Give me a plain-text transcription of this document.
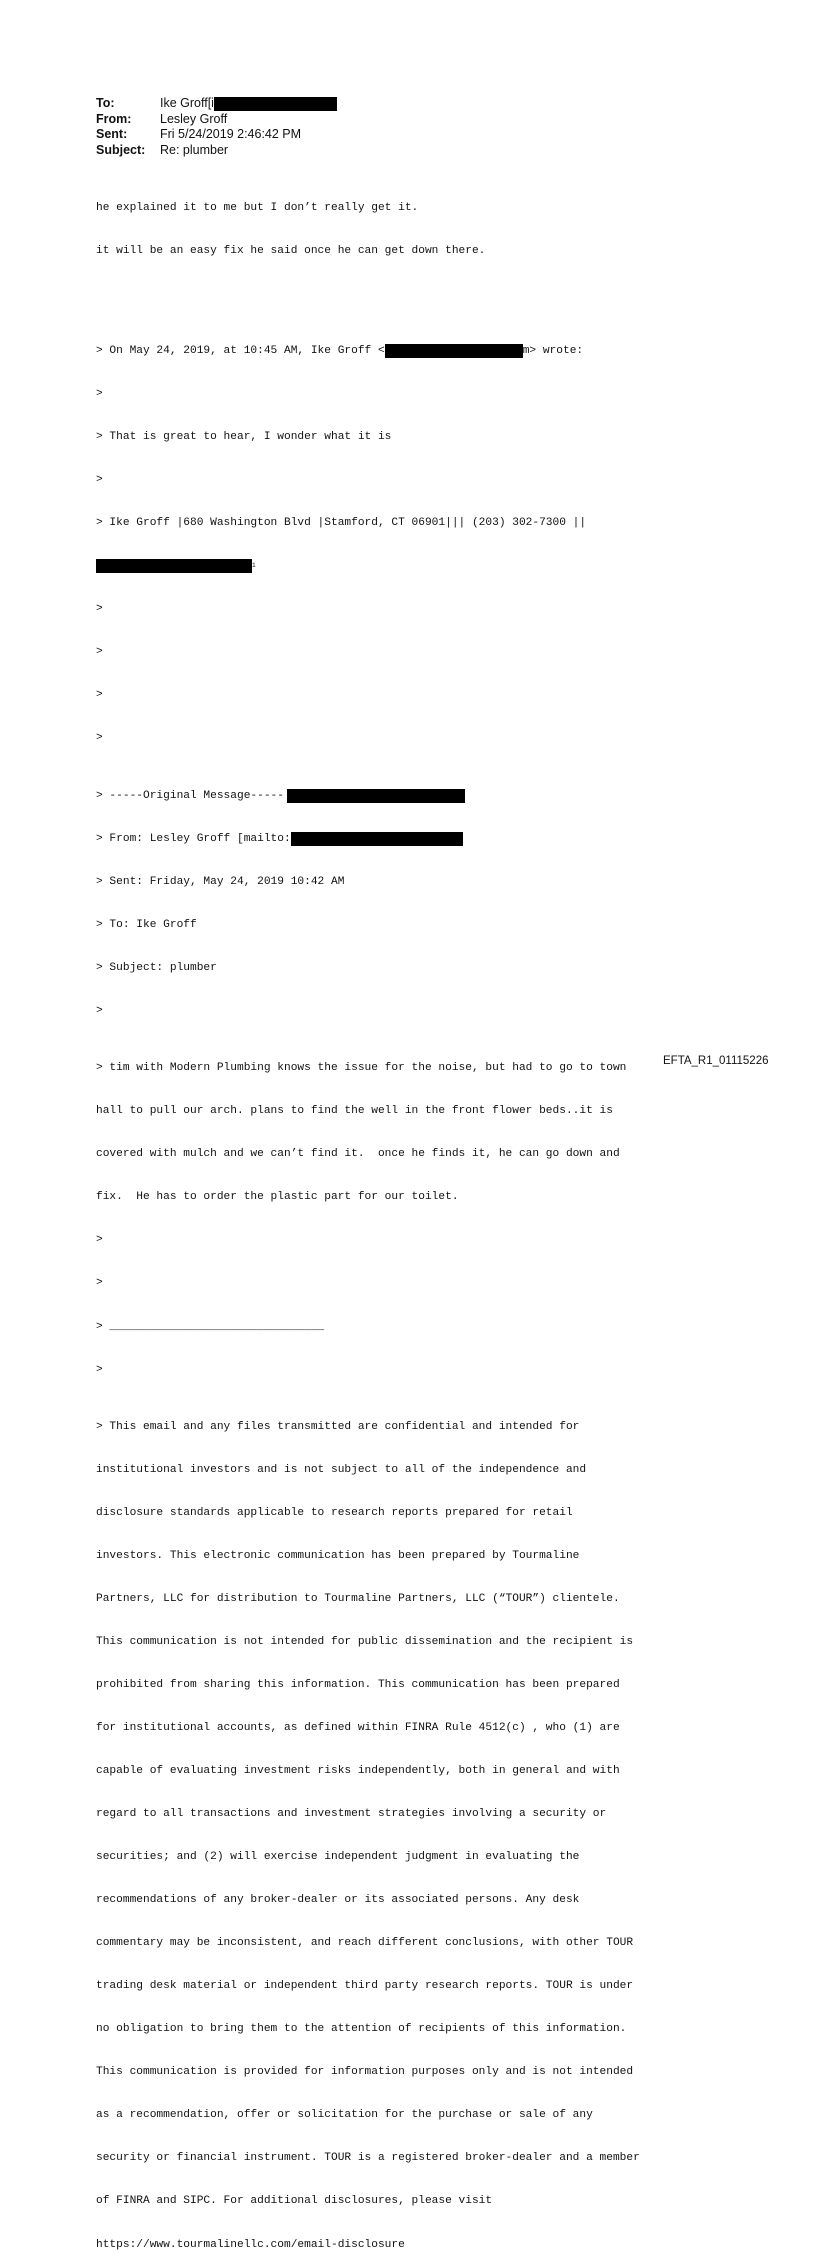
To:	Ike Groff[i
From:	Lesley Groff
Sent:	Fri 5/24/2019 2:46:42 PM
Subject:	Re: plumber

he explained it to me but I don’t really get it.

it will be an easy fix he said once he can get down there.

> On May 24, 2019, at 10:45 AM, Ike Groff <	m> wrote:

>

> That is great to hear, I wonder what it is

>

> Ike Groff |680 Washington Blvd |Stamford, CT 06901||| (203) 302-7300 ||

1

>

>

>

>

> -----Original Message-----

> From: Lesley Groff [mailto:

> Sent: Friday, May 24, 2019 10:42 AM

> To: Ike Groff

> Subject: plumber

>

> tim with Modern Plumbing knows the issue for the noise, but had to go to town

hall to pull our arch. plans to find the well in the front flower beds..it is

covered with mulch and we can’t find it.  once he finds it, he can go down and

fix.  He has to order the plastic part for our toilet.

>

>

> ________________________________

>

> This email and any files transmitted are confidential and intended for

institutional investors and is not subject to all of the independence and

disclosure standards applicable to research reports prepared for retail

investors. This electronic communication has been prepared by Tourmaline

Partners, LLC for distribution to Tourmaline Partners, LLC (“TOUR”) clientele.

This communication is not intended for public dissemination and the recipient is

prohibited from sharing this information. This communication has been prepared

for institutional accounts, as defined within FINRA Rule 4512(c) , who (1) are

capable of evaluating investment risks independently, both in general and with

regard to all transactions and investment strategies involving a security or

securities; and (2) will exercise independent judgment in evaluating the

recommendations of any broker-dealer or its associated persons. Any desk

commentary may be inconsistent, and reach different conclusions, with other TOUR

trading desk material or independent third party research reports. TOUR is under

no obligation to bring them to the attention of recipients of this information.

This communication is provided for information purposes only and is not intended

as a recommendation, offer or solicitation for the purchase or sale of any

security or financial instrument. TOUR is a registered broker-dealer and a member

of FINRA and SIPC. For additional disclosures, please visit

https://www.tourmalinellc.com/email-disclosure

EFTA_R1_01115226
